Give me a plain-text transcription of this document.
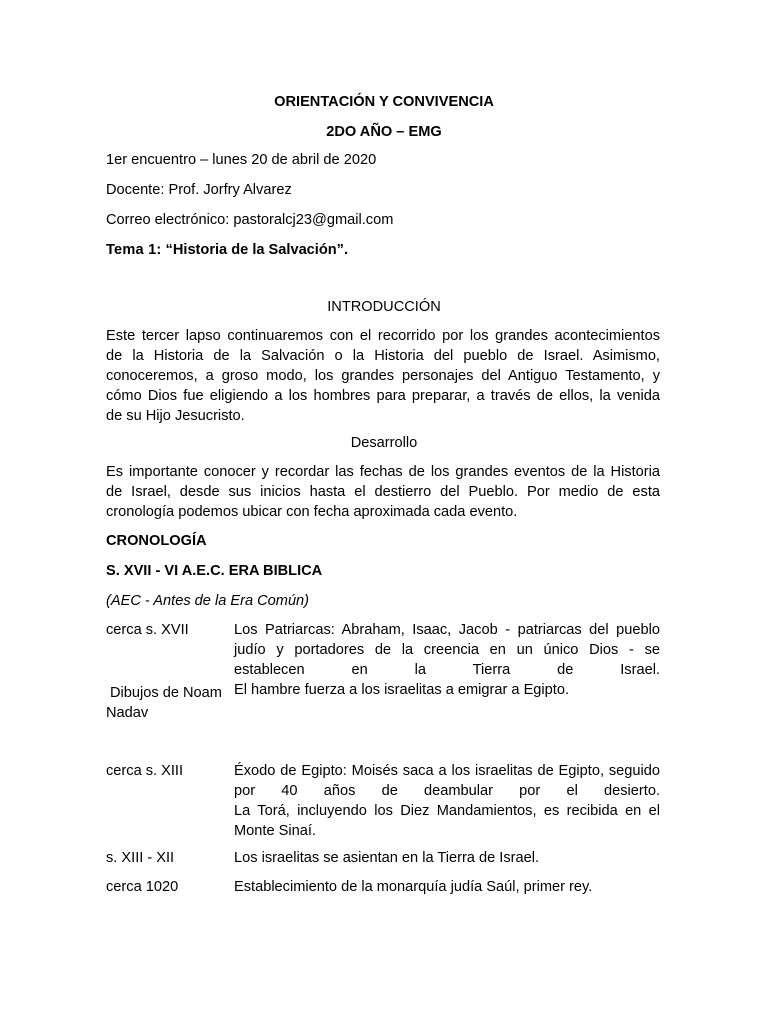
ORIENTACIÓN Y CONVIVENCIA
2DO AÑO – EMG
1er encuentro – lunes 20 de abril de 2020
Docente: Prof. Jorfry Alvarez
Correo electrónico: pastoralcj23@gmail.com
Tema 1: “Historia de la Salvación”.
INTRODUCCIÓN
Este tercer lapso continuaremos con el recorrido por los grandes acontecimientos
de la Historia de la Salvación o la Historia del pueblo de Israel. Asimismo,
conoceremos, a groso modo, los grandes personajes del Antiguo Testamento, y
cómo Dios fue eligiendo a los hombres para preparar, a través de ellos, la venida
de su Hijo Jesucristo.
Desarrollo
Es importante conocer y recordar las fechas de los grandes eventos de la Historia
de Israel, desde sus inicios hasta el destierro del Pueblo. Por medio de esta
cronología podemos ubicar con fecha aproximada cada evento.
CRONOLOGÍA
S. XVII - VI A.E.C. ERA BIBLICA
(AEC - Antes de la Era Común)
cerca s. XVII	Los Patriarcas: Abraham, Isaac, Jacob - patriarcas del pueblo
judío y portadores de la creencia en un único Dios - se
establecen en la Tierra de Israel.
El hambre fuerza a los israelitas a emigrar a Egipto.
Dibujos de Noam
Nadav
cerca s. XIII	Éxodo de Egipto: Moisés saca a los israelitas de Egipto, seguido
por 40 años de deambular por el desierto.
La Torá, incluyendo los Diez Mandamientos, es recibida en el
Monte Sinaí.
s. XIII - XII	Los israelitas se asientan en la Tierra de Israel.
cerca 1020	Establecimiento de la monarquía judía Saúl, primer rey.
